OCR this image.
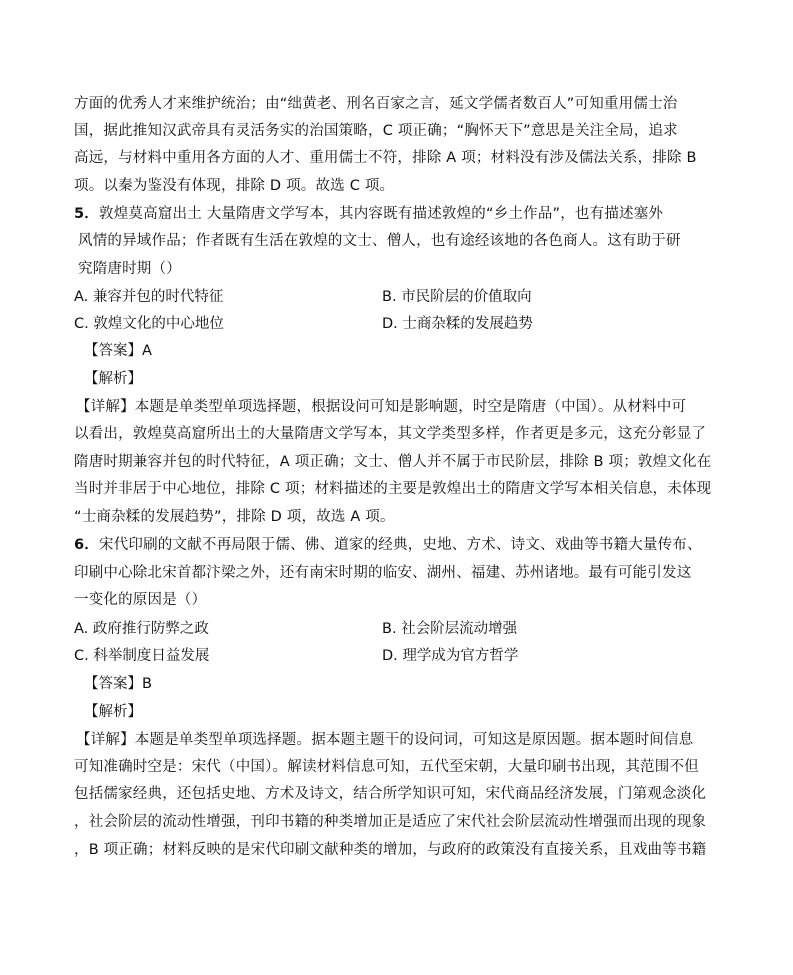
方面的优秀人才来维护统治；由“绌黄老、刑名百家之言，延文学儒者数百人”可知重用儒士治
国，据此推知汉武帝具有灵活务实的治国策略，C 项正确；“胸怀天下”意思是关注全局，追求
高远，与材料中重用各方面的人才、重用儒士不符，排除 A 项；材料没有涉及儒法关系，排除 B
项。以秦为鉴没有体现，排除 D 项。故选 C 项。
5．敦煌莫高窟出土 大量隋唐文学写本，其内容既有描述敦煌的“乡土作品”，也有描述塞外
风情的异域作品；作者既有生活在敦煌的文士、僧人，也有途经该地的各色商人。这有助于研
究隋唐时期（）
A. 兼容并包的时代特征	B. 市民阶层的价值取向
C. 敦煌文化的中心地位	D. 士商杂糅的发展趋势
【答案】A
【解析】
【详解】本题是单类型单项选择题，根据设问可知是影响题，时空是隋唐（中国）。从材料中可
以看出，敦煌莫高窟所出土的大量隋唐文学写本，其文学类型多样，作者更是多元，这充分彰显了
隋唐时期兼容并包的时代特征，A 项正确；文士、僧人并不属于市民阶层，排除 B 项；敦煌文化在
当时并非居于中心地位，排除 C 项；材料描述的主要是敦煌出土的隋唐文学写本相关信息，未体现
“士商杂糅的发展趋势”，排除 D 项，故选 A 项。
6．宋代印刷的文献不再局限于儒、佛、道家的经典，史地、方术、诗文、戏曲等书籍大量传布、
印刷中心除北宋首都汴梁之外，还有南宋时期的临安、湖州、福建、苏州诸地。最有可能引发这
一变化的原因是（）
A. 政府推行防弊之政	B. 社会阶层流动增强
C. 科举制度日益发展	D. 理学成为官方哲学
【答案】B
【解析】
【详解】本题是单类型单项选择题。据本题主题干的设问词，可知这是原因题。据本题时间信息
可知准确时空是：宋代（中国）。解读材料信息可知，五代至宋朝，大量印刷书出现，其范围不但
包括儒家经典，还包括史地、方术及诗文，结合所学知识可知，宋代商品经济发展，门第观念淡化
，社会阶层的流动性增强，刊印书籍的种类增加正是适应了宋代社会阶层流动性增强而出现的现象
，B 项正确；材料反映的是宋代印刷文献种类的增加，与政府的政策没有直接关系，且戏曲等书籍
